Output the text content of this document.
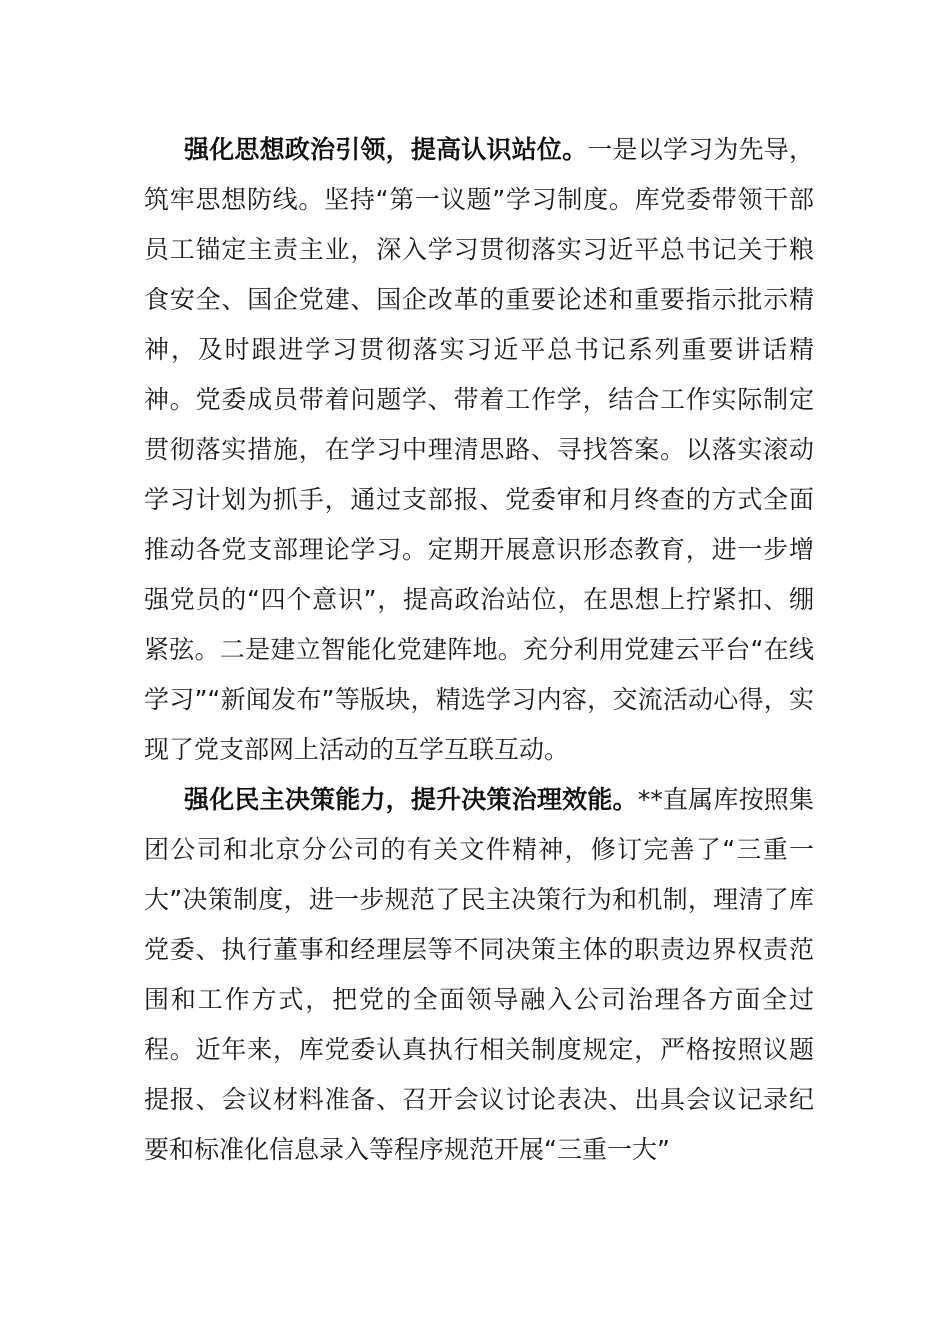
强化思想政治引领，提高认识站位。一是以学习为先导，筑牢思想防线。坚持“第一议题”学习制度。库党委带领干部员工锚定主责主业，深入学习贯彻落实习近平总书记关于粮食安全、国企党建、国企改革的重要论述和重要指示批示精神，及时跟进学习贯彻落实习近平总书记系列重要讲话精神。党委成员带着问题学、带着工作学，结合工作实际制定贯彻落实措施，在学习中理清思路、寻找答案。以落实滚动学习计划为抓手，通过支部报、党委审和月终查的方式全面推动各党支部理论学习。定期开展意识形态教育，进一步增强党员的“四个意识”，提高政治站位，在思想上拧紧扣、绷紧弦。二是建立智能化党建阵地。充分利用党建云平台“在线学习”“新闻发布”等版块，精选学习内容，交流活动心得，实现了党支部网上活动的互学互联互动。

强化民主决策能力，提升决策治理效能。**直属库按照集团公司和北京分公司的有关文件精神，修订完善了“三重一大”决策制度，进一步规范了民主决策行为和机制，理清了库党委、执行董事和经理层等不同决策主体的职责边界权责范围和工作方式，把党的全面领导融入公司治理各方面全过程。近年来，库党委认真执行相关制度规定，严格按照议题提报、会议材料准备、召开会议讨论表决、出具会议记录纪要和标准化信息录入等程序规范开展“三重一大”
